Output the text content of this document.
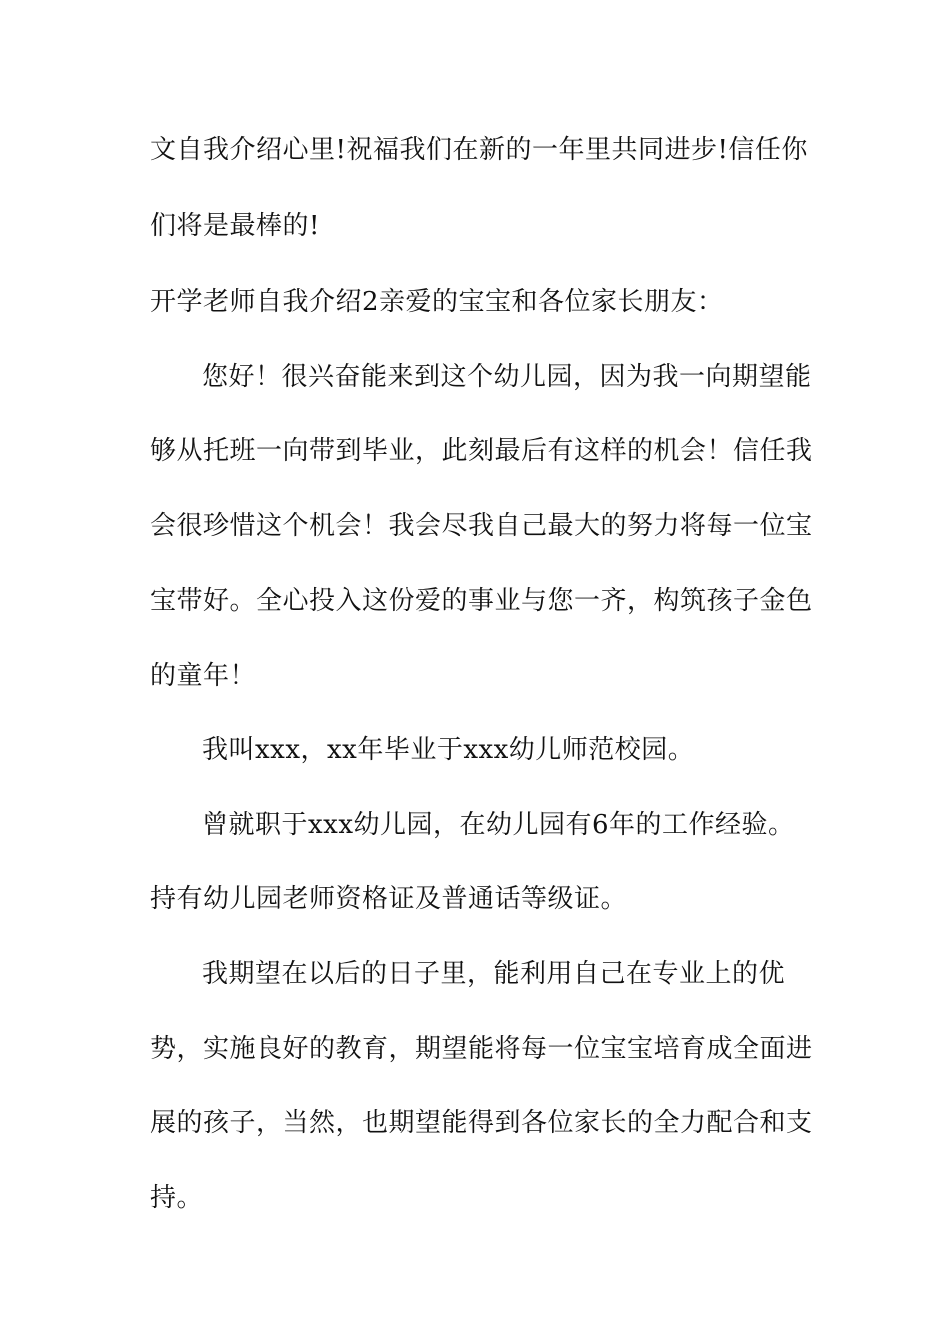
文自我介绍心里!祝福我们在新的一年里共同进步!信任你
们将是最棒的!
开学老师自我介绍2亲爱的宝宝和各位家长朋友：
您好！很兴奋能来到这个幼儿园，因为我一向期望能
够从托班一向带到毕业，此刻最后有这样的机会！信任我
会很珍惜这个机会！我会尽我自己最大的努力将每一位宝
宝带好。全心投入这份爱的事业与您一齐，构筑孩子金色
的童年！
我叫xxx，xx年毕业于xxx幼儿师范校园。
曾就职于xxx幼儿园，在幼儿园有6年的工作经验。
持有幼儿园老师资格证及普通话等级证。
我期望在以后的日子里，能利用自己在专业上的优
势，实施良好的教育，期望能将每一位宝宝培育成全面进
展的孩子，当然，也期望能得到各位家长的全力配合和支
持。
